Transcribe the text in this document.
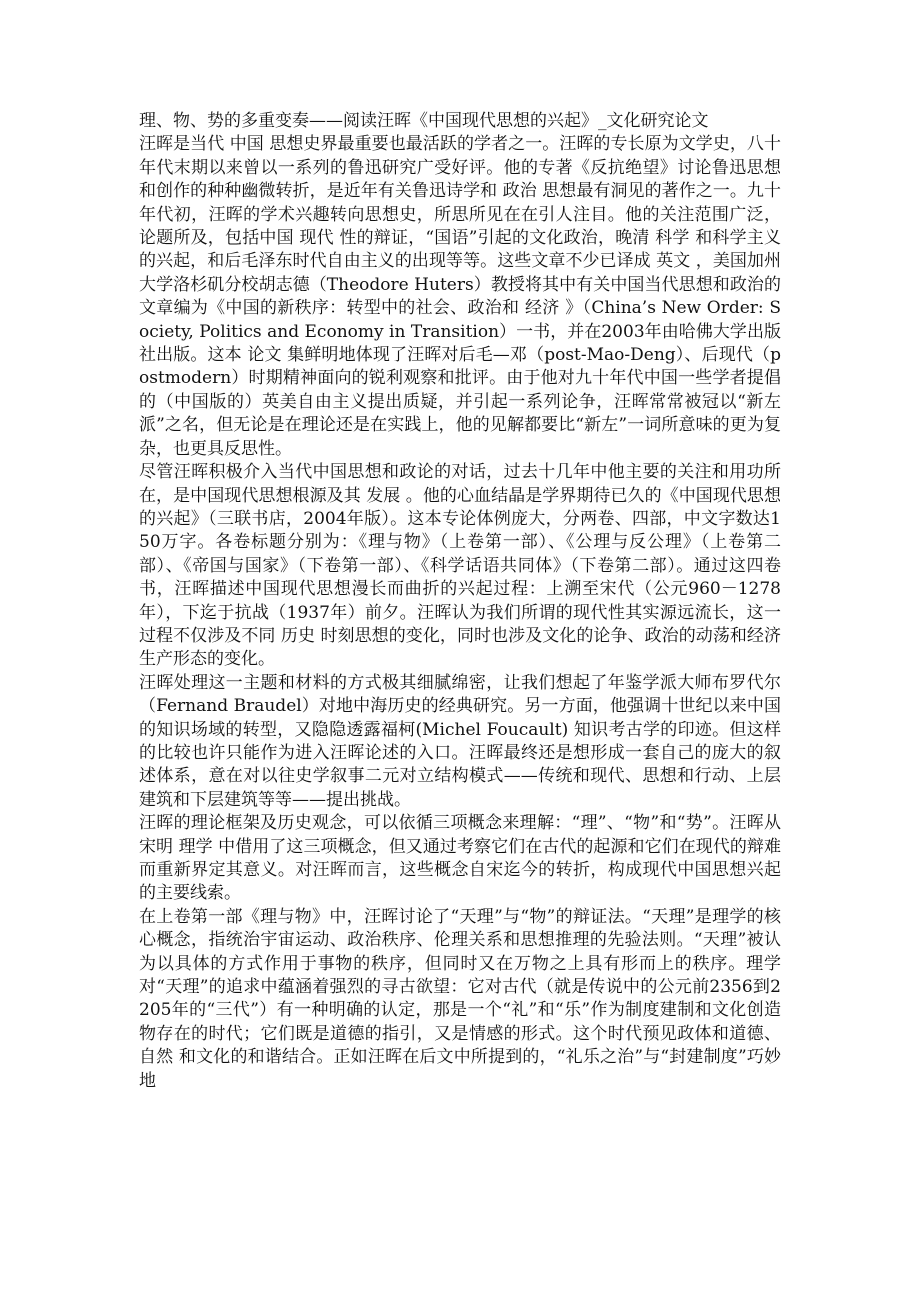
理、物、势的多重变奏——阅读汪晖《中国现代思想的兴起》_文化研究论文

汪晖是当代 中国 思想史界最重要也最活跃的学者之一。汪晖的专长原为文学史，八十年代末期以来曾以一系列的鲁迅研究广受好评。他的专著《反抗绝望》讨论鲁迅思想和创作的种种幽微转折，是近年有关鲁迅诗学和 政治 思想最有洞见的著作之一。九十年代初，汪晖的学术兴趣转向思想史，所思所见在在引人注目。他的关注范围广泛，论题所及，包括中国 现代 性的辩证，“国语”引起的文化政治，晚清 科学 和科学主义的兴起，和后毛泽东时代自由主义的出现等等。这些文章不少已译成 英文 ，美国加州大学洛杉矶分校胡志德（Theodore Huters）教授将其中有关中国当代思想和政治的文章编为《中国的新秩序：转型中的社会、政治和 经济 》（China’s New Order: Society, Politics and Economy in Transition）一书，并在2003年由哈佛大学出版社出版。这本 论文 集鲜明地体现了汪晖对后毛—邓（post-Mao-Deng）、后现代（postmodern）时期精神面向的锐利观察和批评。由于他对九十年代中国一些学者提倡的（中国版的）英美自由主义提出质疑，并引起一系列论争，汪晖常常被冠以“新左派”之名，但无论是在理论还是在实践上，他的见解都要比“新左”一词所意味的更为复杂，也更具反思性。

尽管汪晖积极介入当代中国思想和政论的对话，过去十几年中他主要的关注和用功所在，是中国现代思想根源及其 发展 。他的心血结晶是学界期待已久的《中国现代思想的兴起》（三联书店，2004年版）。这本专论体例庞大，分两卷、四部，中文字数达150万字。各卷标题分别为：《理与物》（上卷第一部）、《公理与反公理》（上卷第二部）、《帝国与国家》（下卷第一部）、《科学话语共同体》（下卷第二部）。通过这四卷书，汪晖描述中国现代思想漫长而曲折的兴起过程：上溯至宋代（公元960－1278年），下迄于抗战（1937年）前夕。汪晖认为我们所谓的现代性其实源远流长，这一过程不仅涉及不同 历史 时刻思想的变化，同时也涉及文化的论争、政治的动荡和经济生产形态的变化。

汪晖处理这一主题和材料的方式极其细腻绵密，让我们想起了年鉴学派大师布罗代尔（Fernand Braudel）对地中海历史的经典研究。另一方面，他强调十世纪以来中国的知识场域的转型，又隐隐透露福柯(Michel Foucault) 知识考古学的印迹。但这样的比较也许只能作为进入汪晖论述的入口。汪晖最终还是想形成一套自己的庞大的叙述体系，意在对以往史学叙事二元对立结构模式——传统和现代、思想和行动、上层建筑和下层建筑等等——提出挑战。

汪晖的理论框架及历史观念，可以依循三项概念来理解：“理”、“物”和“势”。汪晖从宋明 理学 中借用了这三项概念，但又通过考察它们在古代的起源和它们在现代的辩难而重新界定其意义。对汪晖而言，这些概念自宋迄今的转折，构成现代中国思想兴起的主要线索。

在上卷第一部《理与物》中，汪晖讨论了“天理”与“物”的辩证法。“天理”是理学的核心概念，指统治宇宙运动、政治秩序、伦理关系和思想推理的先验法则。“天理”被认为以具体的方式作用于事物的秩序，但同时又在万物之上具有形而上的秩序。理学对“天理”的追求中蕴涵着强烈的寻古欲望：它对古代（就是传说中的公元前2356到2205年的“三代”）有一种明确的认定，那是一个“礼”和“乐”作为制度建制和文化创造物存在的时代；它们既是道德的指引，又是情感的形式。这个时代预见政体和道德、 自然 和文化的和谐结合。正如汪晖在后文中所提到的，“礼乐之治”与“封建制度”巧妙地
